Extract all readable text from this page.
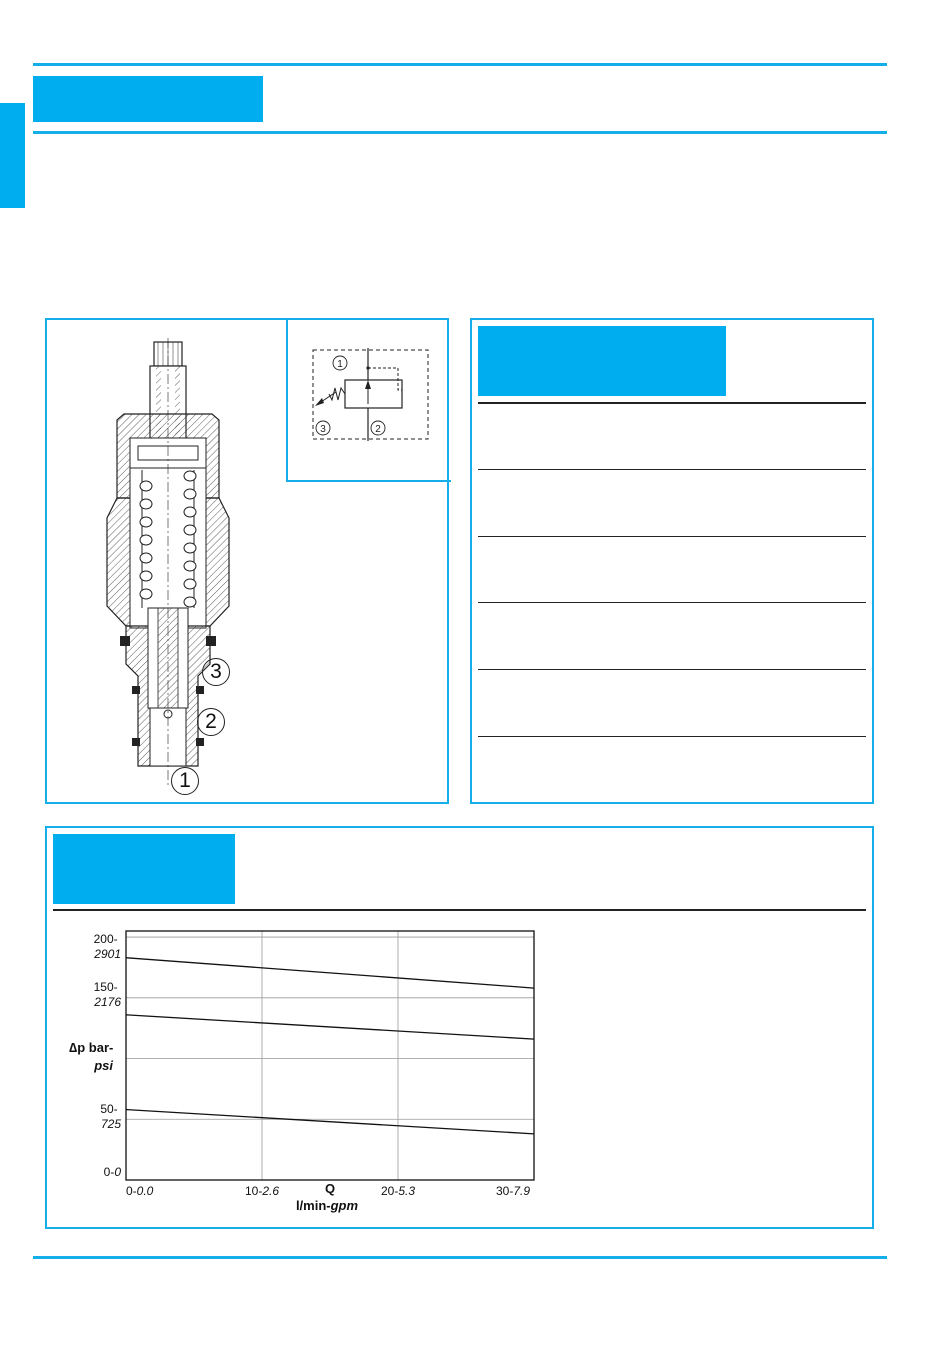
1
3	2
3
2
1
200- 2901
150- 2176
50- 725
0-0
∆p bar- psi
0-0.0	10-2.6	20-5.3	30-7.9
Q
l/min-gpm
